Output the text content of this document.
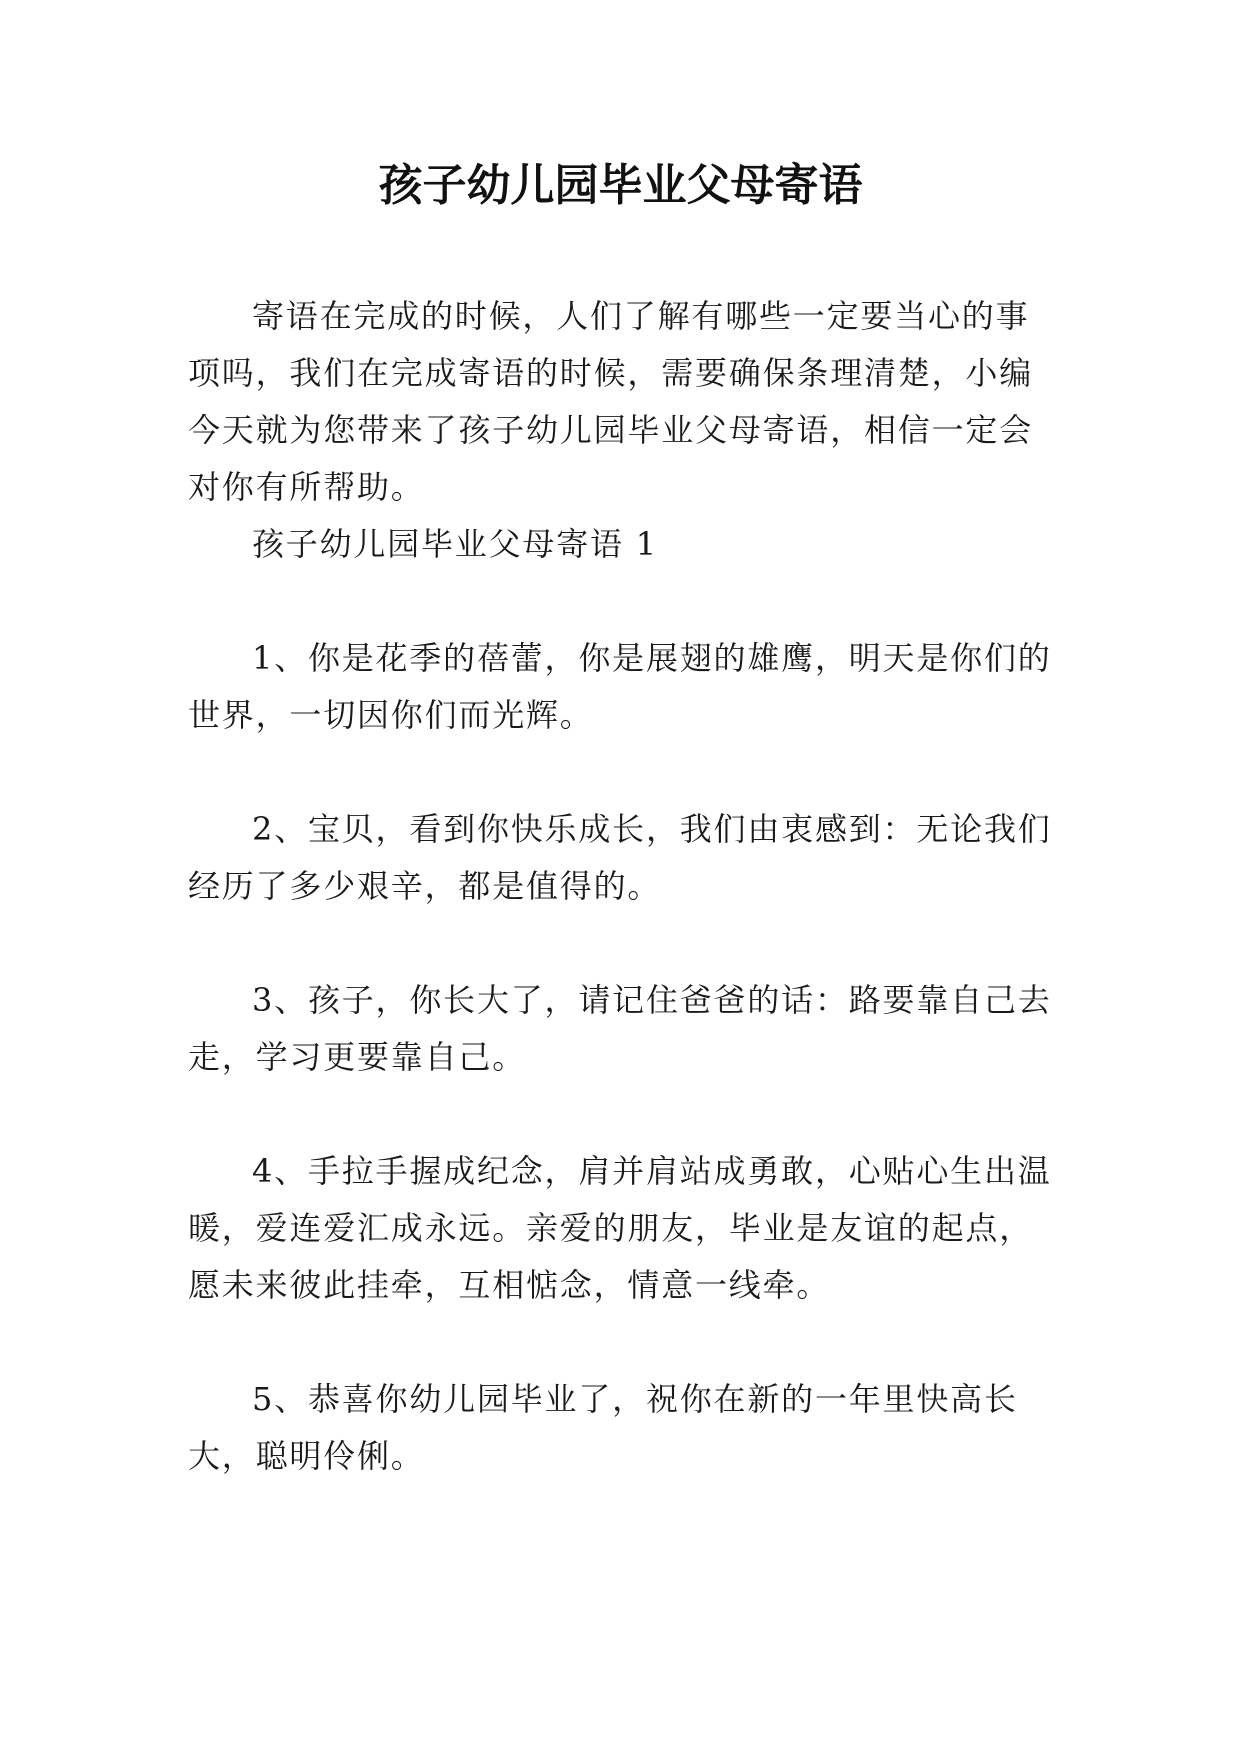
孩子幼儿园毕业父母寄语

寄语在完成的时候，人们了解有哪些一定要当心的事项吗，我们在完成寄语的时候，需要确保条理清楚，小编今天就为您带来了孩子幼儿园毕业父母寄语，相信一定会对你有所帮助。

孩子幼儿园毕业父母寄语 1

1、你是花季的蓓蕾，你是展翅的雄鹰，明天是你们的世界，一切因你们而光辉。

2、宝贝，看到你快乐成长，我们由衷感到：无论我们经历了多少艰辛，都是值得的。

3、孩子，你长大了，请记住爸爸的话：路要靠自己去走，学习更要靠自己。

4、手拉手握成纪念，肩并肩站成勇敢，心贴心生出温暖，爱连爱汇成永远。亲爱的朋友，毕业是友谊的起点，愿未来彼此挂牵，互相惦念，情意一线牵。

5、恭喜你幼儿园毕业了，祝你在新的一年里快高长大，聪明伶俐。
